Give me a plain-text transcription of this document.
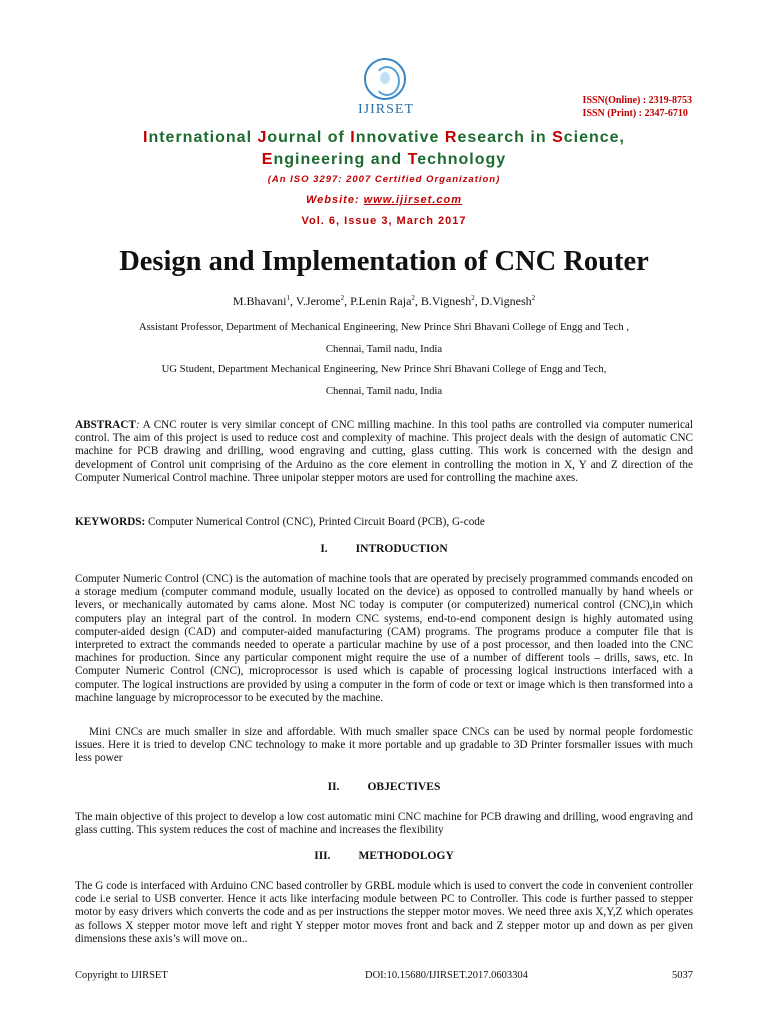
IJIRSET
ISSN(Online) : 2319-8753
ISSN (Print) : 2347-6710
International Journal of Innovative Research in Science,
Engineering and Technology
(An ISO 3297: 2007 Certified Organization)
Website: www.ijirset.com
Vol. 6, Issue 3, March 2017
Design and Implementation of CNC Router
M.Bhavani$^1$, V.Jerome$^2$, P.Lenin Raja$^2$, B.Vignesh$^2$, D.Vignesh$^2$
Assistant Professor, Department of Mechanical Engineering, New Prince Shri Bhavani College of Engg and Tech ,
Chennai, Tamil nadu, India
UG Student, Department Mechanical Engineering, New Prince Shri Bhavani College of Engg and Tech,
Chennai, Tamil nadu, India

ABSTRACT: A CNC router is very similar concept of CNC milling machine. In this tool paths are controlled via computer numerical control. The aim of this project is used to reduce cost and complexity of machine. This project deals with the design of automatic CNC machine for PCB drawing and drilling, wood engraving and cutting, glass cutting. This work is concerned with the design and development of Control unit comprising of the Arduino as the core element in controlling the motion in X, Y and Z direction of the Computer Numerical Control machine. Three unipolar stepper motors are used for controlling the machine axes.

KEYWORDS: Computer Numerical Control (CNC), Printed Circuit Board (PCB), G-code
I. INTRODUCTION
Computer Numeric Control (CNC) is the automation of machine tools that are operated by precisely programmed commands encoded on a storage medium (computer command module, usually located on the device) as opposed to controlled manually by hand wheels or levers, or mechanically automated by cams alone. Most NC today is computer (or computerized) numerical control (CNC),in which computers play an integral part of the control. In modern CNC systems, end-to-end component design is highly automated using computer-aided design (CAD) and computer-aided manufacturing (CAM) programs. The programs produce a computer file that is interpreted to extract the commands needed to operate a particular machine by use of a post processor, and then loaded into the CNC machines for production. Since any particular component might require the use of a number of different tools – drills, saws, etc. In Computer Numeric Control (CNC), microprocessor is used which is capable of processing logical instructions interfaced with a computer. The logical instructions are provided by using a computer in the form of code or text or image which is then transformed into a machine language by microprocessor to be executed by the machine.
Mini CNCs are much smaller in size and affordable. With much smaller space CNCs can be used by normal people fordomestic issues. Here it is tried to develop CNC technology to make it more portable and up gradable to 3D Printer forsmaller issues with much less power
II. OBJECTIVES
The main objective of this project to develop a low cost automatic mini CNC machine for PCB drawing and drilling, wood engraving and glass cutting. This system reduces the cost of machine and increases the flexibility
III. METHODOLOGY
The G code is interfaced with Arduino CNC based controller by GRBL module which is used to convert the code in convenient controller code i.e serial to USB converter. Hence it acts like interfacing module between PC to Controller. This code is further passed to stepper motor by easy drivers which converts the code and as per instructions the stepper motor moves. We need three axis X,Y,Z which operates as follows X stepper motor move left and right Y stepper motor moves front and back and Z stepper motor up and down as per given dimensions these axis’s will move on..
Copyright to IJIRSET	DOI:10.15680/IJIRSET.2017.0603304	5037
